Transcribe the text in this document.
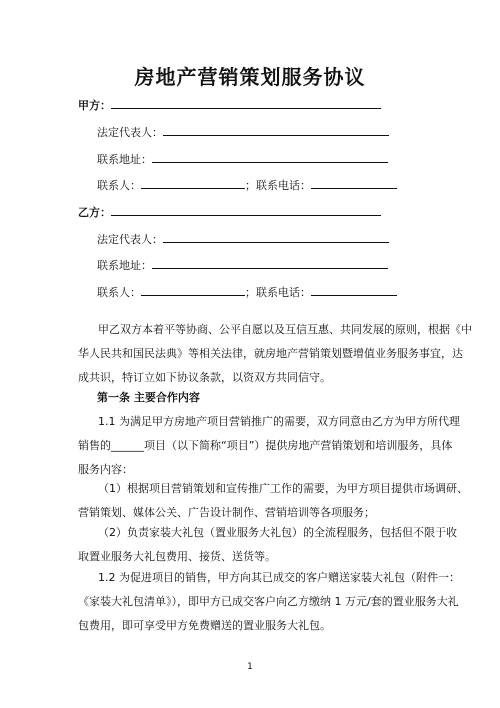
房地产营销策划服务协议
甲方：
法定代表人：
联系地址：
联系人：	；联系电话：
乙方：
法定代表人：
联系地址：
联系人：	；联系电话：
甲乙双方本着平等协商、公平自愿以及互信互惠、共同发展的原则，根据《中
华人民共和国民法典》等相关法律，就房地产营销策划暨增值业务服务事宜，达
成共识，特订立如下协议条款，以资双方共同信守。
第一条 主要合作内容
1.1 为满足甲方房地产项目营销推广的需要，双方同意由乙方为甲方所代理
销售的______项目（以下简称“项目”）提供房地产营销策划和培训服务，具体
服务内容：
（1）根据项目营销策划和宣传推广工作的需要，为甲方项目提供市场调研、
营销策划、媒体公关、广告设计制作、营销培训等各项服务；
（2）负责家装大礼包（置业服务大礼包）的全流程服务，包括但不限于收
取置业服务大礼包费用、接货、送货等。
1.2 为促进项目的销售，甲方向其已成交的客户赠送家装大礼包（附件一：
《家装大礼包清单》），即甲方已成交客户向乙方缴纳 1 万元/套的置业服务大礼
包费用，即可享受甲方免费赠送的置业服务大礼包。
1
